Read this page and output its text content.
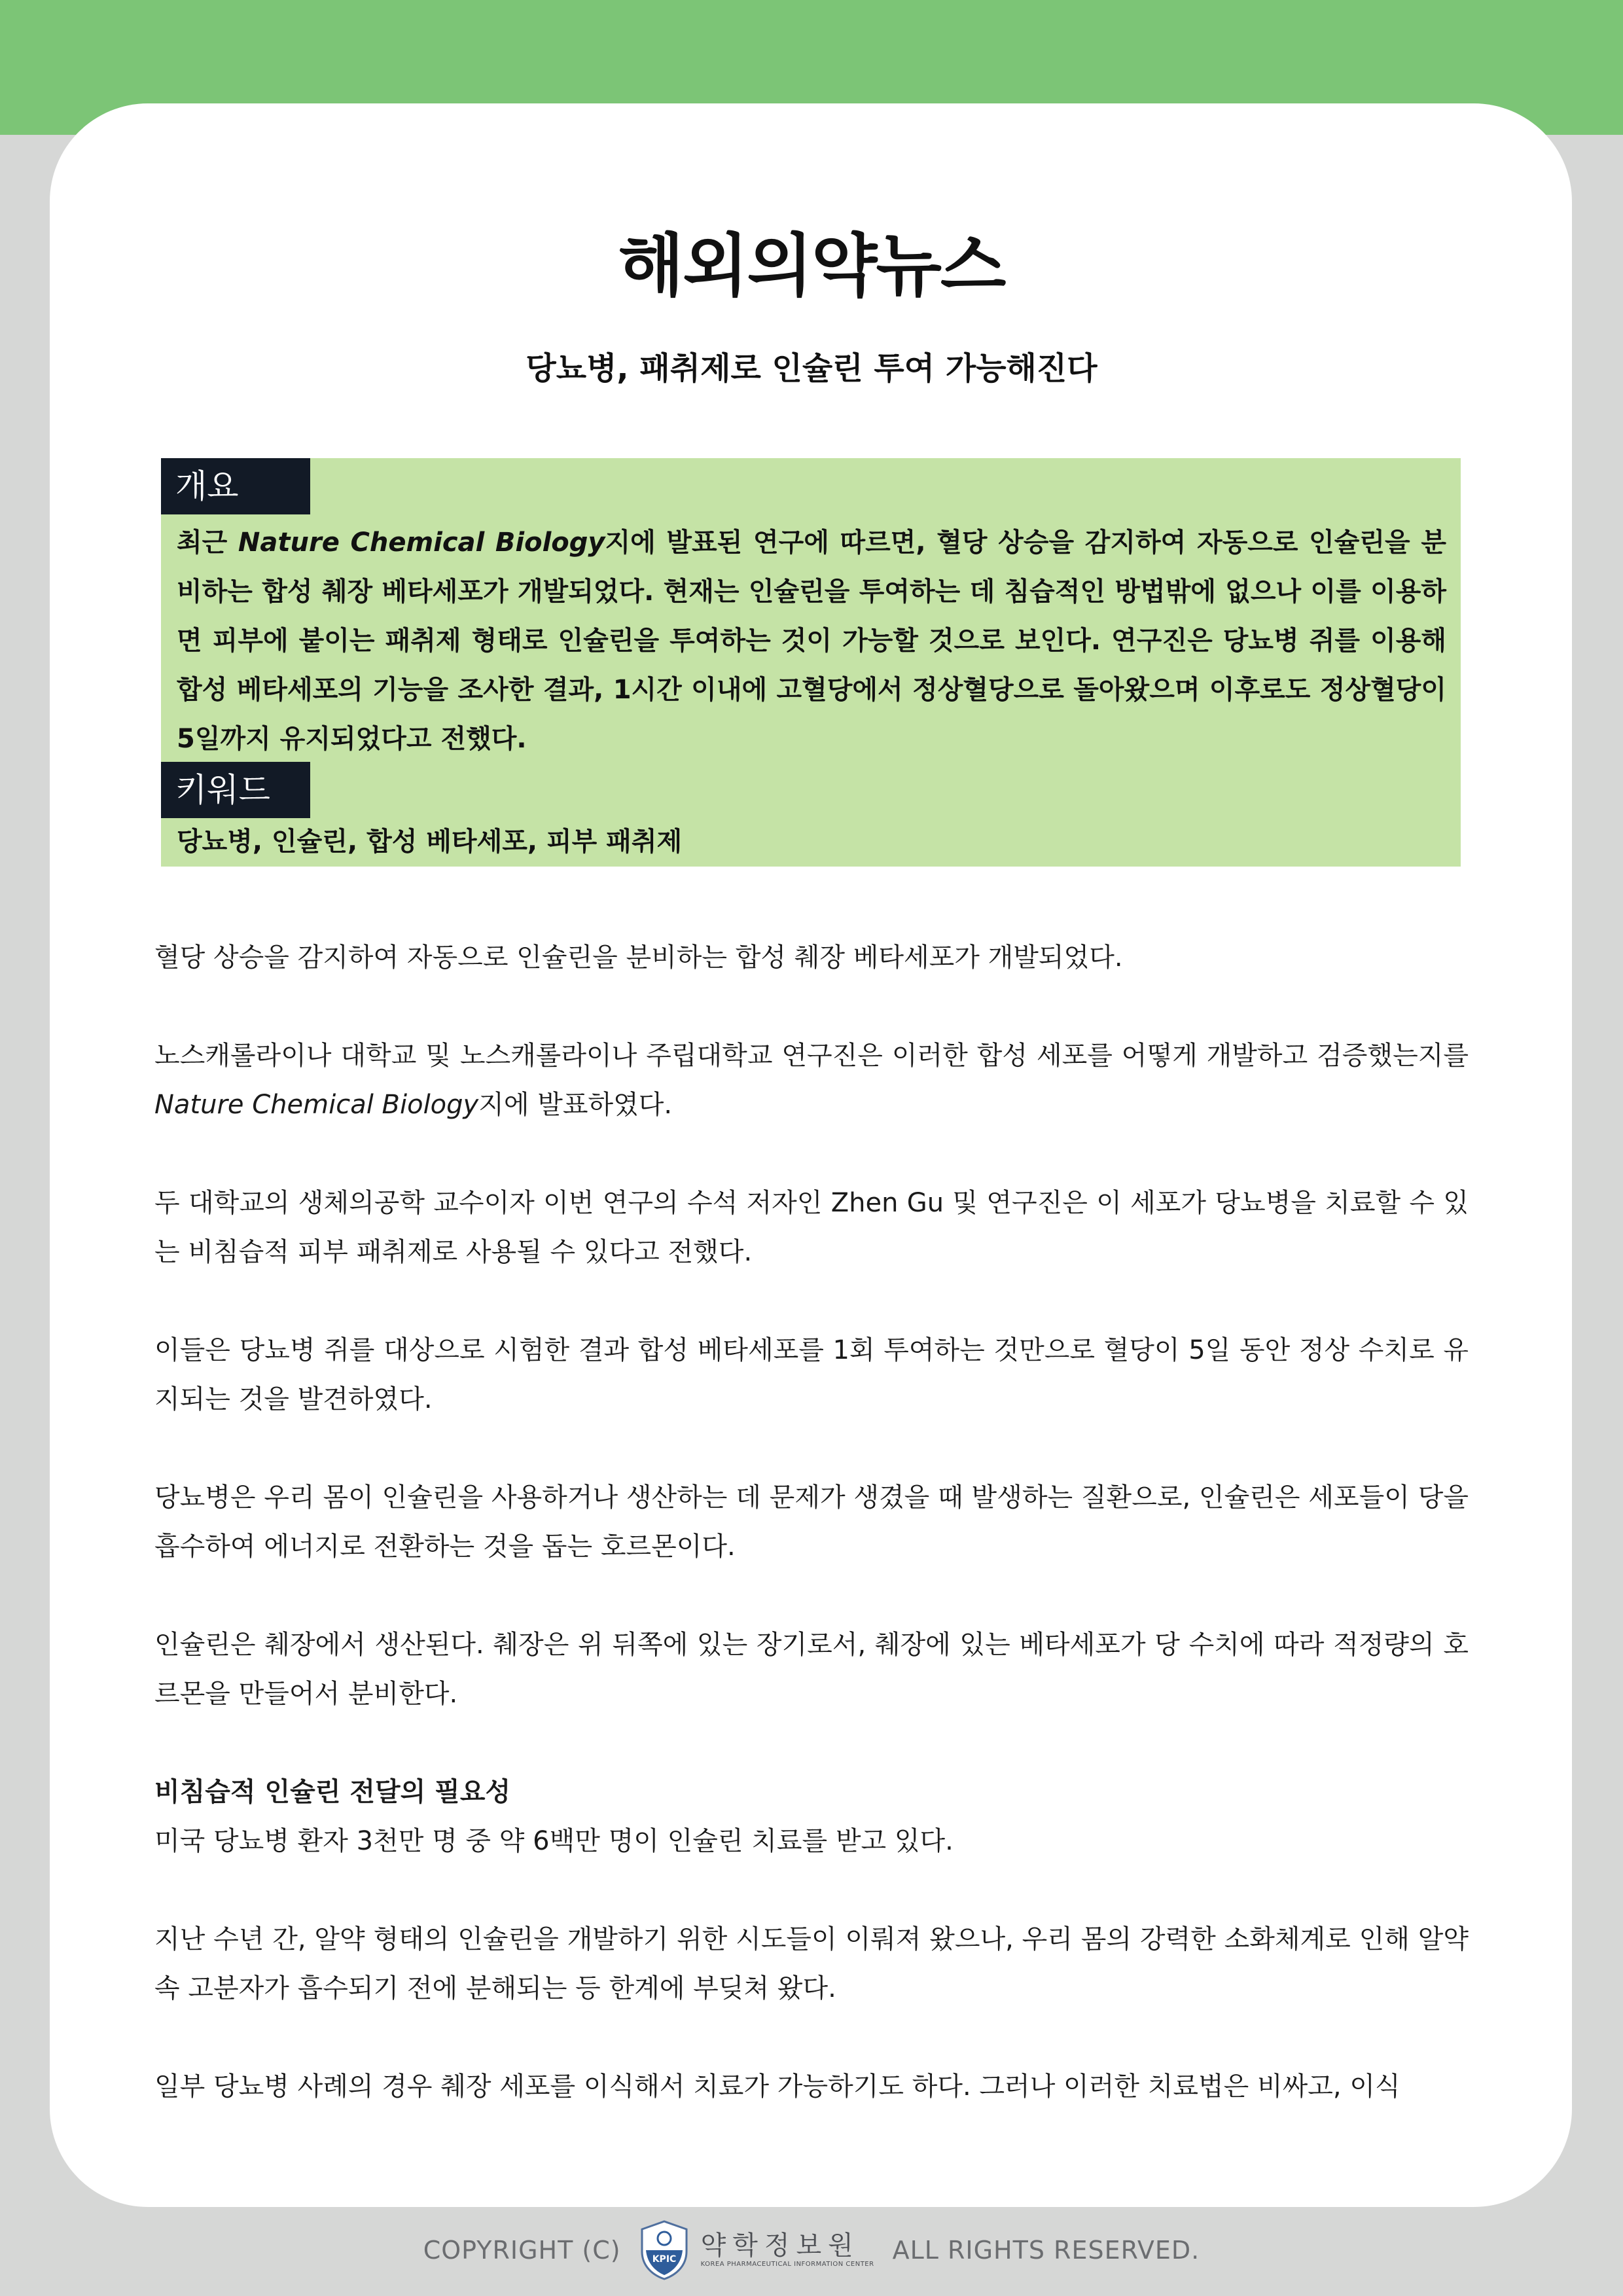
해외의약뉴스
당뇨병, 패취제로 인슐린 투여 가능해진다
개요
최근 Nature Chemical Biology지에 발표된 연구에 따르면, 혈당 상승을 감지하여 자동으로 인슐린을 분비하는 합성 췌장 베타세포가 개발되었다. 현재는 인슐린을 투여하는 데 침습적인 방법밖에 없으나 이를 이용하면 피부에 붙이는 패취제 형태로 인슐린을 투여하는 것이 가능할 것으로 보인다. 연구진은 당뇨병 쥐를 이용해 합성 베타세포의 기능을 조사한 결과, 1시간 이내에 고혈당에서 정상혈당으로 돌아왔으며 이후로도 정상혈당이 5일까지 유지되었다고 전했다.
키워드
당뇨병, 인슐린, 합성 베타세포, 피부 패취제

혈당 상승을 감지하여 자동으로 인슐린을 분비하는 합성 췌장 베타세포가 개발되었다.

노스캐롤라이나 대학교 및 노스캐롤라이나 주립대학교 연구진은 이러한 합성 세포를 어떻게 개발하고 검증했는지를 Nature Chemical Biology지에 발표하였다.

두 대학교의 생체의공학 교수이자 이번 연구의 수석 저자인 Zhen Gu 및 연구진은 이 세포가 당뇨병을 치료할 수 있는 비침습적 피부 패취제로 사용될 수 있다고 전했다.

이들은 당뇨병 쥐를 대상으로 시험한 결과 합성 베타세포를 1회 투여하는 것만으로 혈당이 5일 동안 정상 수치로 유지되는 것을 발견하였다.

당뇨병은 우리 몸이 인슐린을 사용하거나 생산하는 데 문제가 생겼을 때 발생하는 질환으로, 인슐린은 세포들이 당을 흡수하여 에너지로 전환하는 것을 돕는 호르몬이다.

인슐린은 췌장에서 생산된다. 췌장은 위 뒤쪽에 있는 장기로서, 췌장에 있는 베타세포가 당 수치에 따라 적정량의 호르몬을 만들어서 분비한다.

비침습적 인슐린 전달의 필요성

미국 당뇨병 환자 3천만 명 중 약 6백만 명이 인슐린 치료를 받고 있다.

지난 수년 간, 알약 형태의 인슐린을 개발하기 위한 시도들이 이뤄져 왔으나, 우리 몸의 강력한 소화체계로 인해 알약 속 고분자가 흡수되기 전에 분해되는 등 한계에 부딪쳐 왔다.

일부 당뇨병 사례의 경우 췌장 세포를 이식해서 치료가 가능하기도 하다. 그러나 이러한 치료법은 비싸고, 이식

COPYRIGHT (C)	KPIC 약학정보원
KOREA PHARMACEUTICAL INFORMATION CENTER ALL RIGHTS RESERVED.
